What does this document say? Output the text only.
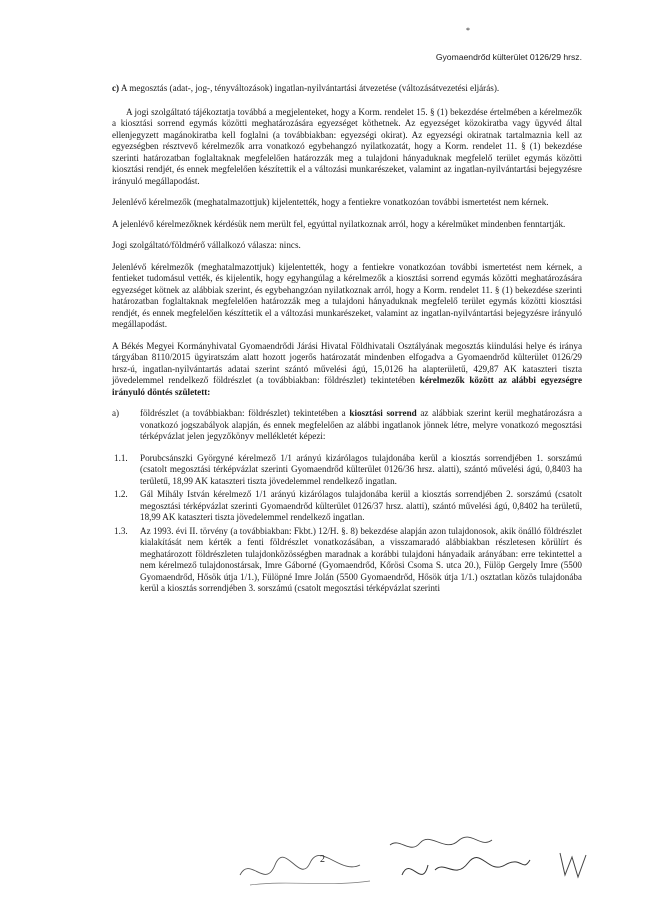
*
Gyomaendrőd külterület 0126/29 hrsz.

c) A megosztás (adat-, jog-, tényváltozások) ingatlan-nyilvántartási átvezetése (változásátvezetési eljárás).

A jogi szolgáltató tájékoztatja továbbá a megjelenteket, hogy a Korm. rendelet 15. § (1) bekezdése értelmében a kérelmezők a kiosztási sorrend egymás közötti meghatározására egyezséget köthetnek. Az egyezséget közokiratba vagy ügyvéd által ellenjegyzett magánokiratba kell foglalni (a továbbiakban: egyezségi okirat). Az egyezségi okiratnak tartalmaznia kell az egyezségben résztvevő kérelmezők arra vonatkozó egybehangzó nyilatkozatát, hogy a Korm. rendelet 11. § (1) bekezdése szerinti határozatban foglaltaknak megfelelően határozzák meg a tulajdoni hányaduknak megfelelő terület egymás közötti kiosztási rendjét, és ennek megfelelően készítettik el a változási munkarészeket, valamint az ingatlan-nyilvántartási bejegyzésre irányuló megállapodást.

Jelenlévő kérelmezők (meghatalmazottjuk) kijelentették, hogy a fentiekre vonatkozóan további ismertetést nem kérnek.

A jelenlévő kérelmezőknek kérdésük nem merült fel, egyúttal nyilatkoznak arról, hogy a kérelmüket mindenben fenntartják.

Jogi szolgáltató/földmérő vállalkozó válasza: nincs.

Jelenlévő kérelmezők (meghatalmazottjuk) kijelentették, hogy a fentiekre vonatkozóan további ismertetést nem kérnek, a fentieket tudomásul vették, és kijelentik, hogy egyhangúlag a kérelmezők a kiosztási sorrend egymás közötti meghatározására egyezséget kötnek az alábbiak szerint, és egybehangzóan nyilatkoznak arról, hogy a Korm. rendelet 11. § (1) bekezdése szerinti határozatban foglaltaknak megfelelően határozzák meg a tulajdoni hányaduknak megfelelő terület egymás közötti kiosztási rendjét, és ennek megfelelően készíttetik el a változási munkarészeket, valamint az ingatlan-nyilvántartási bejegyzésre irányuló megállapodást.

A Békés Megyei Kormányhivatal Gyomaendrődi Járási Hivatal Földhivatali Osztályának megosztás kiindulási helye és iránya tárgyában 8110/2015 ügyiratszám alatt hozott jogerős határozatát mindenben elfogadva a Gyomaendrőd külterület 0126/29 hrsz-ú, ingatlan-nyilvántartás adatai szerint szántó művelési ágú, 15,0126 ha alapterületű, 429,87 AK kataszteri tiszta jövedelemmel rendelkező földrészlet (a továbbiakban: földrészlet) tekintetében kérelmezők között az alábbi egyezségre irányuló döntés született:

a)	földrészlet (a továbbiakban: földrészlet) tekintetében a kiosztási sorrend az alábbiak szerint kerül meghatározásra a vonatkozó jogszabályok alapján, és ennek megfelelően az alábbi ingatlanok jönnek létre, melyre vonatkozó megosztási térképvázlat jelen jegyzőkönyv mellékletét képezi:
1.1.	Porubcsánszki Györgyné kérelmező 1/1 arányú kizárólagos tulajdonába kerül a kiosztás sorrendjében 1. sorszámú (csatolt megosztási térképvázlat szerinti Gyomaendrőd külterület 0126/36 hrsz. alatti), szántó művelési ágú, 0,8403 ha területű, 18,99 AK kataszteri tiszta jövedelemmel rendelkező ingatlan.
1.2.	Gál Mihály István kérelmező 1/1 arányú kizárólagos tulajdonába kerül a kiosztás sorrendjében 2. sorszámú (csatolt megosztási térképvázlat szerinti Gyomaendrőd külterület 0126/37 hrsz. alatti), szántó művelési ágú, 0,8402 ha területű, 18,99 AK kataszteri tiszta jövedelemmel rendelkező ingatlan.
1.3.	Az 1993. évi II. törvény (a továbbiakban: Fkbt.) 12/H. §. 8) bekezdése alapján azon tulajdonosok, akik önálló földrészlet kialakítását nem kérték a fenti földrészlet vonatkozásában, a visszamaradó alábbiakban részletesen körülírt és meghatározott földrészleten tulajdonközösségben maradnak a korábbi tulajdoni hányadaik arányában: erre tekintettel a nem kérelmező tulajdonostársak, Imre Gáborné (Gyomaendrőd, Kőrösi Csoma S. utca 20.), Fülöp Gergely Imre (5500 Gyomaendrőd, Hősök útja 1/1.), Fülöpné Imre Jolán (5500 Gyomaendrőd, Hősök útja 1/1.) osztatlan közös tulajdonába kerül a kiosztás sorrendjében 3. sorszámú (csatolt megosztási térképvázlat szerinti
2
